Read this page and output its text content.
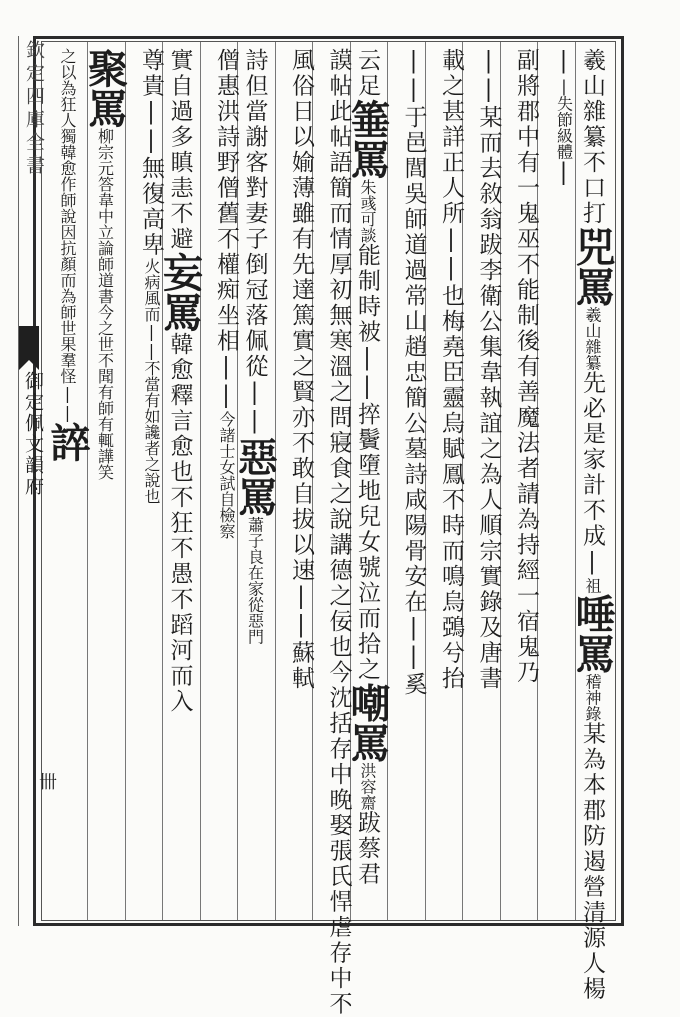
羲山雜纂不口打兕罵羲山雜纂先必是家計不成|祖唾罵稽神錄某為本郡防遏營清源人楊
||失節級體|
副將郡中有一鬼巫不能制後有善魔法者請為持經一宿鬼乃
||某而去敘翁跋李衛公集韋執誼之為人順宗實錄及唐書
載之甚詳正人所||也梅堯臣靈烏賦鳳不時而鳴烏鵶兮抬
||于邑閭吳師道過常山趙忠簡公墓詩咸陽骨安在||奚
云足箠罵朱彧可談能制時被||捽鬢墮地兒女號泣而拾之嘲罵洪容齋跋蔡君
謨帖此帖語簡而情厚初無寒溫之問寢食之說講德之佞也今沈括存中晚娶張氏悍虐存中不
風俗日以媮薄雖有先達篤實之賢亦不敢自拔以速||蘇軾
詩但當謝客對妻子倒冠落佩從||惡罵蕭子良在家從惡門
僧惠洪詩野僧舊不權痴坐相||今諸士女試自檢察
實自過多瞋恚不避妄罵韓愈釋言愈也不狂不愚不蹈河而入
尊貴||無復高卑火病風而||不當有如讒者之說也
聚罵柳宗元答韋中立論師道書今之世不聞有師有輒譁笑
之以為狂人獨韓愈作師說因抗顏而為師世果羣怪||誶
欽定四庫全書
御定佩文韻府
卌
